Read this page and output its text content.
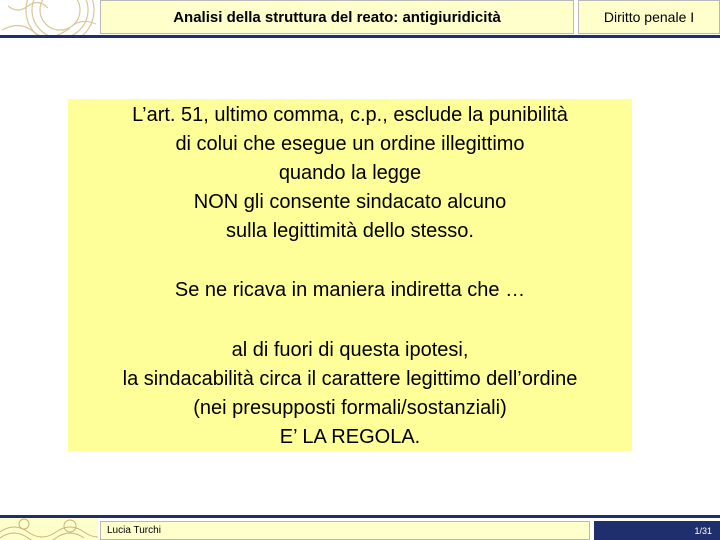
Analisi della struttura del reato: antigiuridicità	Diritto penale I
L’art. 51, ultimo comma, c.p., esclude la punibilità
di colui che esegue un ordine illegittimo
quando la legge
NON gli consente sindacato alcuno
sulla legittimità dello stesso.
Se ne ricava in maniera indiretta che …
al di fuori di questa ipotesi,
la sindacabilità circa il carattere legittimo dell’ordine
(nei presupposti formali/sostanziali)
E’ LA REGOLA.
Lucia Turchi	1/31
